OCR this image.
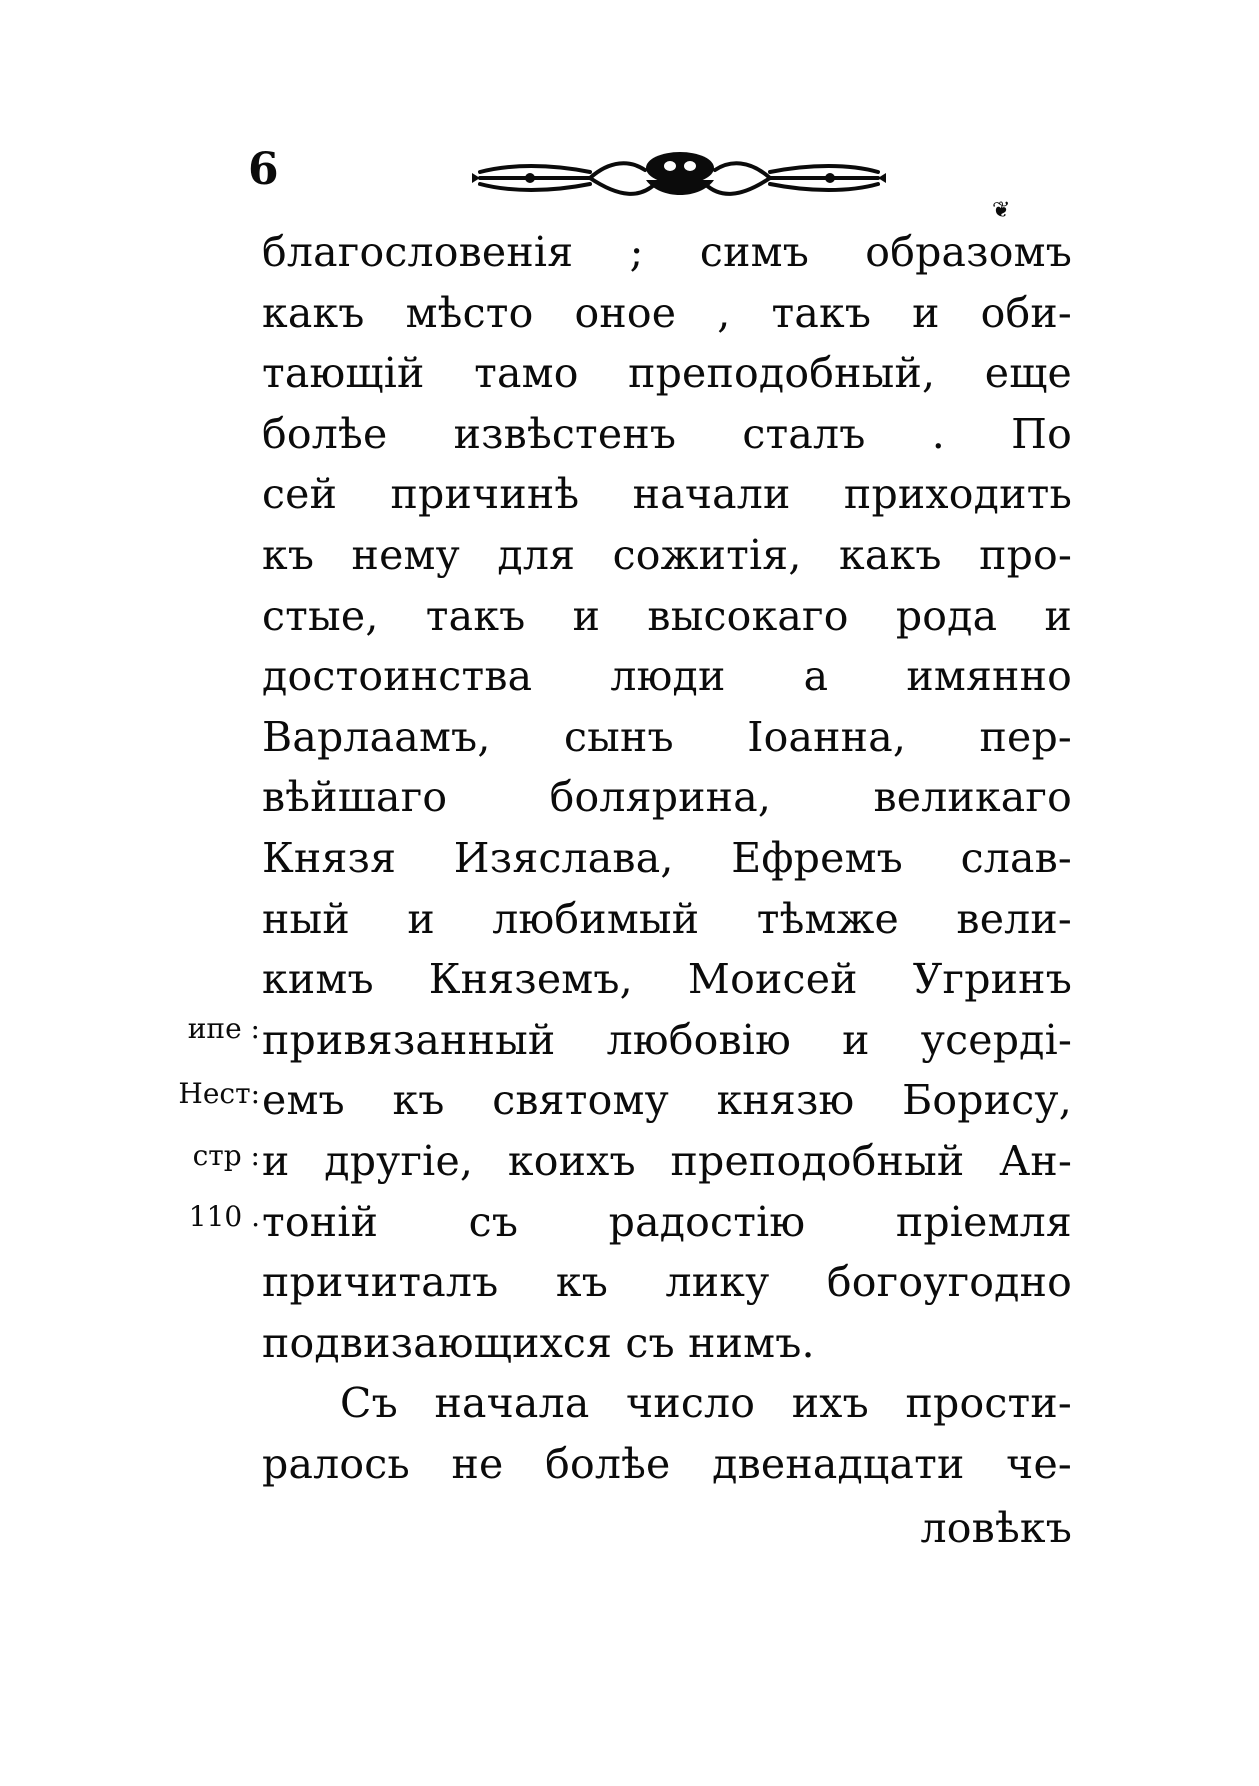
6
❦
благословенія ; симъ образомъ
какъ мѣсто оное , такъ и оби-
тающій тамо преподобный, еще
болѣе извѣстенъ сталъ . По
сей причинѣ начали приходить
къ нему для сожитія, какъ про-
стые, такъ и высокаго рода и
достоинства люди а имянно
Варлаамъ, сынъ Іоанна, пер-
вѣйшаго болярина, великаго
Князя Изяслава, Ефремъ слав-
ный и любимый тѣмже вели-
кимъ Княземъ, Моисей Угринъ
привязанный любовію и усерді-
емъ къ святому князю Борису,
и другіе, коихъ преподобный Ан-
тоній съ радостію пріемля
причиталъ къ лику богоугодно
подвизающихся съ нимъ.
Съ начала число ихъ прости-
ралось не болѣе двенадцати че-
ловѣкъ
ипе :
Нест:
стр :
110 .
